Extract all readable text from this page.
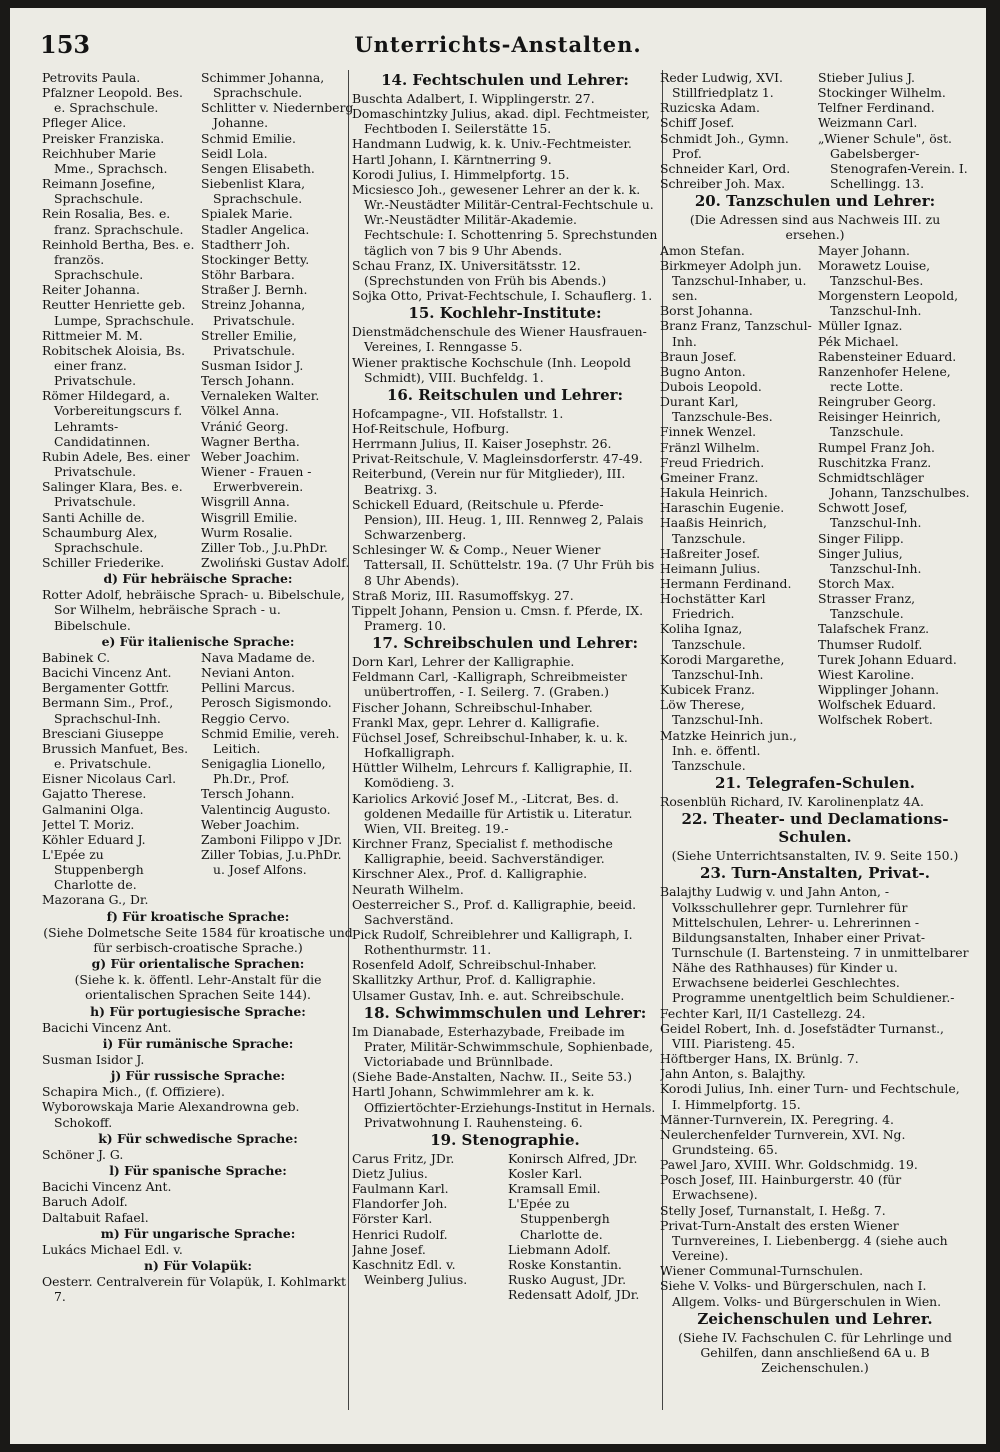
153	Unterrichts-Anstalten.

Petrovits Paula.

Pfalzner Leopold. Bes. e. Sprachschule.

Pfleger Alice.

Preisker Franziska.

Reichhuber Marie Mme., Sprachsch.

Reimann Josefine, Sprachschule.

Rein Rosalia, Bes. e. franz. Sprachschule.

Reinhold Bertha, Bes. e. französ. Sprachschule.

Reiter Johanna.

Reutter Henriette geb. Lumpe, Sprachschule.

Rittmeier M. M.

Robitschek Aloisia, Bs. einer franz. Privatschule.

Römer Hildegard, a. Vorbereitungscurs f. Lehramts-Candidatinnen.

Rubin Adele, Bes. einer Privatschule.

Salinger Klara, Bes. e. Privatschule.

Santi Achille de.

Schaumburg Alex, Sprachschule.

Schiller Friederike.

Schimmer Johanna, Sprachschule.

Schlitter v. Niedernberg Johanne.

Schmid Emilie.

Seidl Lola.

Sengen Elisabeth.

Siebenlist Klara, Sprachschule.

Spialek Marie.

Stadler Angelica.

Stadtherr Joh.

Stockinger Betty.

Stöhr Barbara.

Straßer J. Bernh.

Streinz Johanna, Privatschule.

Streller Emilie, Privatschule.

Susman Isidor J.

Tersch Johann.

Vernaleken Walter.

Völkel Anna.

Vránić Georg.

Wagner Bertha.

Weber Joachim.

Wiener - Frauen - Erwerbverein.

Wisgrill Anna.

Wisgrill Emilie.

Wurm Rosalie.

Ziller Tob., J.u.PhDr.

Zwoliński Gustav Adolf.

d) Für hebräische Sprache:

Rotter Adolf, hebräische Sprach- u. Bibelschule, Sor Wilhelm, hebräische Sprach - u. Bibelschule.

e) Für italienische Sprache:

Babinek C.

Bacichi Vincenz Ant.

Bergamenter Gottfr.

Bermann Sim., Prof., Sprachschul-Inh.

Bresciani Giuseppe

Brussich Manfuet, Bes. e. Privatschule.

Eisner Nicolaus Carl.

Gajatto Therese.

Galmanini Olga.

Jettel T. Moriz.

Köhler Eduard J.

L'Epée zu Stuppenbergh Charlotte de.

Mazorana G., Dr.

Nava Madame de.

Neviani Anton.

Pellini Marcus.

Perosch Sigismondo.

Reggio Cervo.

Schmid Emilie, vereh. Leitich.

Senigaglia Lionello, Ph.Dr., Prof.

Tersch Johann.

Valentincig Augusto.

Weber Joachim.

Zamboni Filippo v JDr.

Ziller Tobias, J.u.PhDr. u. Josef Alfons.

f) Für kroatische Sprache:

(Siehe Dolmetsche Seite 1584 für kroatische und für serbisch-croatische Sprache.)

g) Für orientalische Sprachen:

(Siehe k. k. öffentl. Lehr-Anstalt für die orientalischen Sprachen Seite 144).

h) Für portugiesische Sprache:

Bacichi Vincenz Ant.

i) Für rumänische Sprache:

Susman Isidor J.

j) Für russische Sprache:

Schapira Mich., (f. Offiziere).

Wyborowskaja Marie Alexandrowna geb. Schokoff.

k) Für schwedische Sprache:

Schöner J. G.

l) Für spanische Sprache:

Bacichi Vincenz Ant.

Baruch Adolf.

Daltabuit Rafael.

m) Für ungarische Sprache:

Lukács Michael Edl. v.

n) Für Volapük:

Oesterr. Centralverein für Volapük, I. Kohlmarkt 7.

14. Fechtschulen und Lehrer:

Buschta Adalbert, I. Wipplingerstr. 27.

Domaschintzky Julius, akad. dipl. Fechtmeister, Fechtboden I. Seilerstätte 15.

Handmann Ludwig, k. k. Univ.-Fechtmeister.

Hartl Johann, I. Kärntnerring 9.

Korodi Julius, I. Himmelpfortg. 15.

Micsiesco Joh., gewesener Lehrer an der k. k. Wr.-Neustädter Militär-Central-Fechtschule u. Wr.-Neustädter Militär-Akademie. Fechtschule: I. Schottenring 5. Sprechstunden täglich von 7 bis 9 Uhr Abends.

Schau Franz, IX. Universitätsstr. 12. (Sprechstunden von Früh bis Abends.)

Sojka Otto, Privat-Fechtschule, I. Schauflerg. 1.

15. Kochlehr-Institute:

Dienstmädchenschule des Wiener Hausfrauen-Vereines, I. Renngasse 5.

Wiener praktische Kochschule (Inh. Leopold Schmidt), VIII. Buchfeldg. 1.

16. Reitschulen und Lehrer:

Hofcampagne-, VII. Hofstallstr. 1.

Hof-Reitschule, Hofburg.

Herrmann Julius, II. Kaiser Josephstr. 26.

Privat-Reitschule, V. Magleinsdorferstr. 47-49.

Reiterbund, (Verein nur für Mitglieder), III. Beatrixg. 3.

Schickell Eduard, (Reitschule u. Pferde-Pension), III. Heug. 1, III. Rennweg 2, Palais Schwarzenberg.

Schlesinger W. & Comp., Neuer Wiener Tattersall, II. Schüttelstr. 19a. (7 Uhr Früh bis 8 Uhr Abends).

Straß Moriz, III. Rasumoffskyg. 27.

Tippelt Johann, Pension u. Cmsn. f. Pferde, IX. Pramerg. 10.

17. Schreibschulen und Lehrer:

Dorn Karl, Lehrer der Kalligraphie.

Feldmann Carl, -Kalligraph, Schreibmeister unübertroffen, - I. Seilerg. 7. (Graben.)

Fischer Johann, Schreibschul-Inhaber.

Frankl Max, gepr. Lehrer d. Kalligrafie.

Füchsel Josef, Schreibschul-Inhaber, k. u. k. Hofkalligraph.

Hüttler Wilhelm, Lehrcurs f. Kalligraphie, II. Komödieng. 3.

Kariolics Arković Josef M., -Litcrat, Bes. d. goldenen Medaille für Artistik u. Literatur. Wien, VII. Breiteg. 19.-

Kirchner Franz, Specialist f. methodische Kalligraphie, beeid. Sachverständiger.

Kirschner Alex., Prof. d. Kalligraphie.

Neurath Wilhelm.

Oesterreicher S., Prof. d. Kalligraphie, beeid. Sachverständ.

Pick Rudolf, Schreiblehrer und Kalligraph, I. Rothenthurmstr. 11.

Rosenfeld Adolf, Schreibschul-Inhaber.

Skallitzky Arthur, Prof. d. Kalligraphie.

Ulsamer Gustav, Inh. e. aut. Schreibschule.

18. Schwimmschulen und Lehrer:

Im Dianabade, Esterhazybade, Freibade im Prater, Militär-Schwimmschule, Sophienbade, Victoriabade und Brünnlbade.

(Siehe Bade-Anstalten, Nachw. II., Seite 53.)

Hartl Johann, Schwimmlehrer am k. k. Offiziertöchter-Erziehungs-Institut in Hernals. Privatwohnung I. Rauhensteing. 6.

19. Stenographie.

Carus Fritz, JDr.

Dietz Julius.

Faulmann Karl.

Flandorfer Joh.

Förster Karl.

Henrici Rudolf.

Jahne Josef.

Kaschnitz Edl. v. Weinberg Julius.

Konirsch Alfred, JDr.

Kosler Karl.

Kramsall Emil.

L'Epée zu Stuppenbergh Charlotte de.

Liebmann Adolf.

Roske Konstantin.

Rusko August, JDr.

Redensatt Adolf, JDr.

Reder Ludwig, XVI. Stillfriedplatz 1.

Ruzicska Adam.

Schiff Josef.

Schmidt Joh., Gymn. Prof.

Schneider Karl, Ord.

Schreiber Joh. Max.

Stieber Julius J.

Stockinger Wilhelm.

Telfner Ferdinand.

Weizmann Carl.

„Wiener Schule", öst. Gabelsberger-Stenografen-Verein. I. Schellingg. 13.

20. Tanzschulen und Lehrer:

(Die Adressen sind aus Nachweis III. zu ersehen.)

Amon Stefan.

Birkmeyer Adolph jun. Tanzschul-Inhaber, u. sen.

Borst Johanna.

Branz Franz, Tanzschul-Inh.

Braun Josef.

Bugno Anton.

Dubois Leopold.

Durant Karl, Tanzschule-Bes.

Finnek Wenzel.

Fränzl Wilhelm.

Freud Friedrich.

Gmeiner Franz.

Hakula Heinrich.

Haraschin Eugenie.

Haaßis Heinrich, Tanzschule.

Haßreiter Josef.

Heimann Julius.

Hermann Ferdinand.

Hochstätter Karl Friedrich.

Koliha Ignaz, Tanzschule.

Korodi Margarethe, Tanzschul-Inh.

Kubicek Franz.

Löw Therese, Tanzschul-Inh.

Matzke Heinrich jun., Inh. e. öffentl. Tanzschule.

Mayer Johann.

Morawetz Louise, Tanzschul-Bes.

Morgenstern Leopold, Tanzschul-Inh.

Müller Ignaz.

Pék Michael.

Rabensteiner Eduard.

Ranzenhofer Helene, recte Lotte.

Reingruber Georg.

Reisinger Heinrich, Tanzschule.

Rumpel Franz Joh.

Ruschitzka Franz.

Schmidtschläger Johann, Tanzschulbes.

Schwott Josef, Tanzschul-Inh.

Singer Filipp.

Singer Julius, Tanzschul-Inh.

Storch Max.

Strasser Franz, Tanzschule.

Talafschek Franz.

Thumser Rudolf.

Turek Johann Eduard.

Wiest Karoline.

Wipplinger Johann.

Wolfschek Eduard.

Wolfschek Robert.

21. Telegrafen-Schulen.

Rosenblüh Richard, IV. Karolinenplatz 4A.

22. Theater- und Declamations-Schulen.

(Siehe Unterrichtsanstalten, IV. 9. Seite 150.)

23. Turn-Anstalten, Privat-.

Balajthy Ludwig v. und Jahn Anton, -Volksschullehrer gepr. Turnlehrer für Mittelschulen, Lehrer- u. Lehrerinnen - Bildungsanstalten, Inhaber einer Privat-Turnschule (I. Bartensteing. 7 in unmittelbarer Nähe des Rathhauses) für Kinder u. Erwachsene beiderlei Geschlechtes. Programme unentgeltlich beim Schuldiener.-

Fechter Karl, II/1 Castellezg. 24.

Geidel Robert, Inh. d. Josefstädter Turnanst., VIII. Piaristeng. 45.

Höftberger Hans, IX. Brünlg. 7.

Jahn Anton, s. Balajthy.

Korodi Julius, Inh. einer Turn- und Fechtschule, I. Himmelpfortg. 15.

Männer-Turnverein, IX. Peregring. 4.

Neulerchenfelder Turnverein, XVI. Ng. Grundsteing. 65.

Pawel Jaro, XVIII. Whr. Goldschmidg. 19.

Posch Josef, III. Hainburgerstr. 40 (für Erwachsene).

Stelly Josef, Turnanstalt, I. Heßg. 7.

Privat-Turn-Anstalt des ersten Wiener Turnvereines, I. Liebenbergg. 4 (siehe auch Vereine).

Wiener Communal-Turnschulen.

Siehe V. Volks- und Bürgerschulen, nach I. Allgem. Volks- und Bürgerschulen in Wien.

Zeichenschulen und Lehrer.

(Siehe IV. Fachschulen C. für Lehrlinge und Gehilfen, dann anschließend 6A u. B Zeichenschulen.)
